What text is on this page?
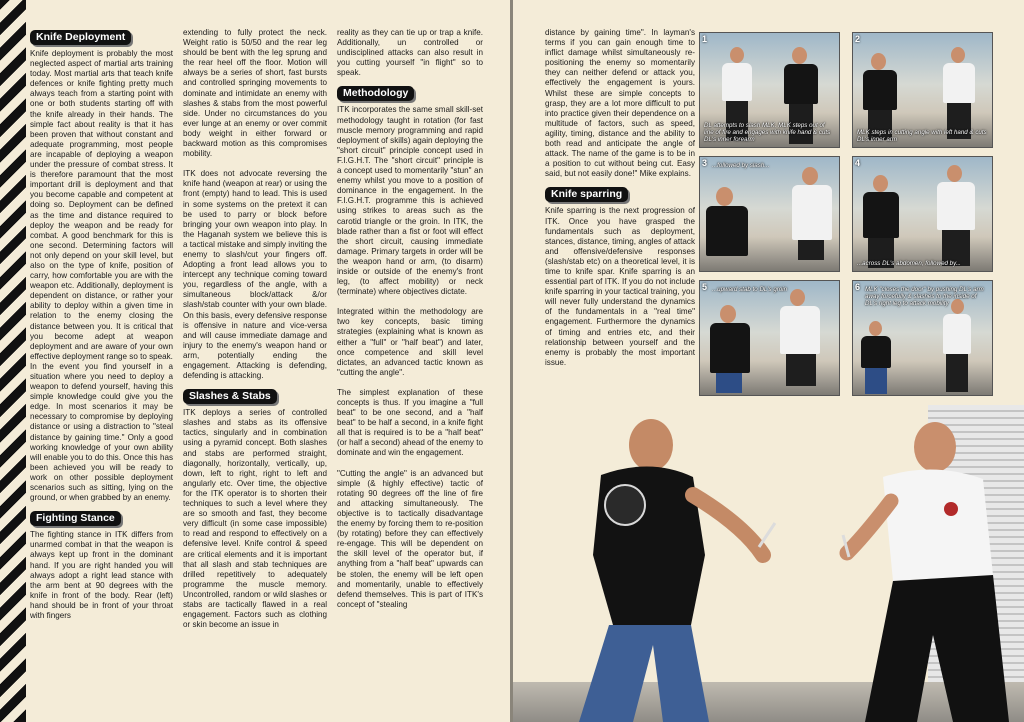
Knife Deployment

Knife deployment is probably the most neglected aspect of martial arts training today. Most martial arts that teach knife defences or knife fighting pretty much always teach from a starting point with one or both students starting off with the knife already in their hands. The simple fact about reality is that it has been proven that without constant and adequate programming, most people are incapable of deploying a weapon under the pressure of combat stress. It is therefore paramount that the most important drill is deployment and that you become capable and competent at doing so. Deployment can be defined as the time and distance required to deploy the weapon and be ready for combat. A good benchmark for this is one second. Determining factors will not only depend on your skill level, but also on the type of knife, position of carry, how comfortable you are with the weapon etc. Additionally, deployment is dependent on distance, or rather your ability to deploy within a given time in relation to the enemy closing the distance between you. It is critical that you become adept at weapon deployment and are aware of your own effective deployment range so to speak.

In the event you find yourself in a situation where you need to deploy a weapon to defend yourself, having this simple knowledge could give you the edge. In most scenarios it may be necessary to compromise by deploying distance or using a distraction to "steal distance by gaining time." Only a good working knowledge of your own ability will enable you to do this. Once this has been achieved you will be ready to work on other possible deployment scenarios such as sitting, lying on the ground, or when grabbed by an enemy.

Fighting Stance

The fighting stance in ITK differs from unarmed combat in that the weapon is always kept up front in the dominant hand. If you are right handed you will always adopt a right lead stance with the arm bent at 90 degrees with the knife in front of the body. Rear (left) hand should be in front of your throat with fingers

extending to fully protect the neck. Weight ratio is 50/50 and the rear leg should be bent with the leg sprung and the rear heel off the floor. Motion will always be a series of short, fast bursts and controlled springing movements to dominate and intimidate an enemy with slashes & stabs from the most powerful side. Under no circumstances do you ever lunge at an enemy or over commit body weight in either forward or backward motion as this compromises mobility.

ITK does not advocate reversing the knife hand (weapon at rear) or using the front (empty) hand to lead. This is used in some systems on the pretext it can be used to parry or block before bringing your own weapon into play. In the Haganah system we believe this is a tactical mistake and simply inviting the enemy to slash/cut your fingers off. Adopting a front lead allows you to intercept any technique coming toward you, regardless of the angle, with a simultaneous block/attack &/or slash/stab counter with your own blade. On this basis, every defensive response is offensive in nature and vice-versa and will cause immediate damage and injury to the enemy's weapon hand or arm, potentially ending the engagement. Attacking is defending, defending is attacking.

Slashes & Stabs

ITK deploys a series of controlled slashes and stabs as its offensive tactics, singularly and in combination using a pyramid concept. Both slashes and stabs are performed straight, diagonally, horizontally, vertically, up, down, left to right, right to left and angularly etc. Over time, the objective for the ITK operator is to shorten their techniques to such a level where they are so smooth and fast, they become very difficult (in some case impossible) to read and respond to effectively on a defensive level. Knife control & speed are critical elements and it is important that all slash and stab techniques are drilled repetitively to adequately programme the muscle memory. Uncontrolled, random or wild slashes or stabs are tactically flawed in a real engagement. Factors such as clothing or skin become an issue in

reality as they can tie up or trap a knife. Additionally, un controlled or undisciplined attacks can also result in you cutting yourself "in flight" so to speak.

Methodology

ITK incorporates the same small skill-set methodology taught in rotation (for fast muscle memory programming and rapid deployment of skills) again deploying the "short circuit" principle concept used in F.I.G.H.T. The "short circuit" principle is a concept used to momentarily "stun" an enemy whilst you move to a position of dominance in the engagement. In the F.I.G.H.T. programme this is achieved using strikes to areas such as the carotid triangle or the groin. In ITK, the blade rather than a fist or foot will effect the short circuit, causing immediate damage. Primary targets in order will be the weapon hand or arm, (to disarm) inside or outside of the enemy's front leg, (to affect mobility) or neck (terminate) where objectives dictate.

Integrated within the methodology are two key concepts, basic timing strategies (explaining what is known as either a "full" or "half beat") and later, once competence and skill level dictates, an advanced tactic known as "cutting the angle".

The simplest explanation of these concepts is thus. If you imagine a "full beat" to be one second, and a "half beat" to be half a second, in a knife fight all that is required is to be a "half beat" (or half a second) ahead of the enemy to dominate and win the engagement.

"Cutting the angle" is an advanced but simple (& highly effective) tactic of rotating 90 degrees off the line of fire and attacking simultaneously. The objective is to tactically disadvantage the enemy by forcing them to re-position (by rotating) before they can effectively re-engage. This will be dependent on the skill level of the operator but, if anything from a "half beat" upwards can be stolen, the enemy will be left open and momentarily, unable to effectively defend themselves. This is part of ITK's concept of "stealing

distance by gaining time". In layman's terms if you can gain enough time to inflict damage whilst simultaneously re-positioning the enemy so momentarily they can neither defend or attack you, effectively the engagement is yours. Whilst these are simple concepts to grasp, they are a lot more difficult to put into practice given their dependence on a multitude of factors, such as speed, agility, timing, distance and the ability to both read and anticipate the angle of attack. The name of the game is to be in a position to cut without being cut. Easy said, but not easily done!" Mike explains.

Knife sparring

Knife sparring is the next progression of ITK. Once you have grasped the fundamentals such as deployment, stances, distance, timing, angles of attack and offensive/defensive responses (slash/stab etc) on a theoretical level, it is time to knife spar. Knife sparring is an essential part of ITK. If you do not include knife sparring in your tactical training, you will never fully understand the dynamics of the fundamentals in a "real time" engagement. Furthermore the dynamics of timing and entries etc, and their relationship between yourself and the enemy is probably the most important issue.

1
DL attempts to slash MLK. MLK steps out of line of fire and engages with knife hand & cuts DL's inner forearm
2
MLK steps in cutting angle with left hand & cuts DL's inner arm
3 ...followed by slash...	4
...across DL's abdomen, followed by...
5 ...upward stab to DL's groin	6 MLK "closes the door" by pushing DL's arm away forcefully & slashes to the inside of DL's right leg to attack mobility
